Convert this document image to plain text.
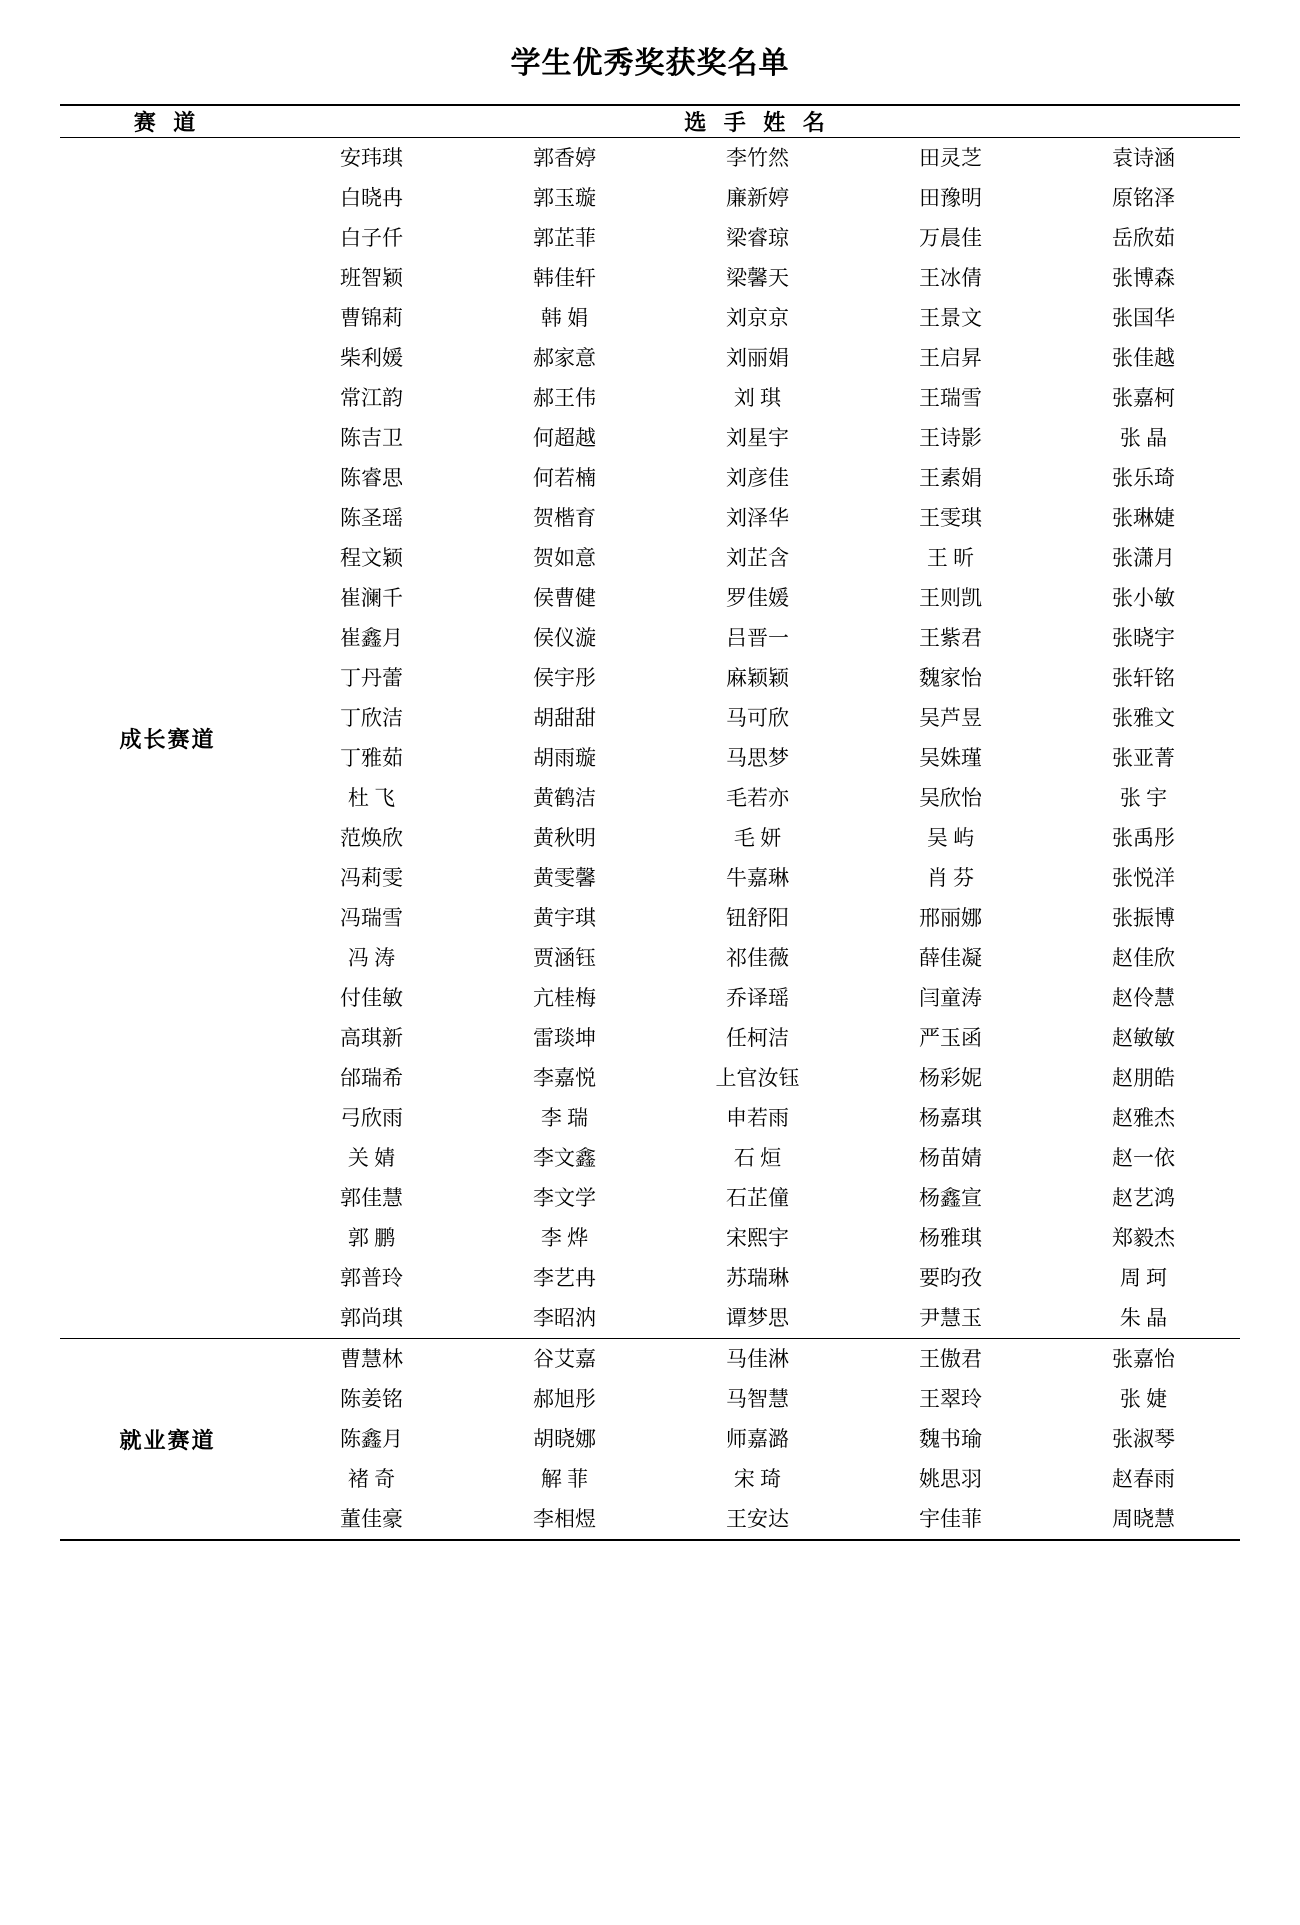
学生优秀奖获奖名单
赛 道	选 手 姓 名				
成长赛道	安玮琪	郭香婷	李竹然	田灵芝	袁诗涵
	白晓冉	郭玉璇	廉新婷	田豫明	原铭泽
	白子仟	郭芷菲	梁睿琼	万晨佳	岳欣茹
	班智颖	韩佳轩	梁馨天	王冰倩	张博森
	曹锦莉	韩 娟	刘京京	王景文	张国华
	柴利媛	郝家意	刘丽娟	王启昇	张佳越
	常江韵	郝王伟	刘 琪	王瑞雪	张嘉柯
	陈吉卫	何超越	刘星宇	王诗影	张 晶
	陈睿思	何若楠	刘彦佳	王素娟	张乐琦
	陈圣瑶	贺楷育	刘泽华	王雯琪	张琳婕
	程文颖	贺如意	刘芷含	王 昕	张潇月
	崔澜千	侯曹健	罗佳媛	王则凯	张小敏
	崔鑫月	侯仪漩	吕晋一	王紫君	张晓宇
	丁丹蕾	侯宇彤	麻颖颖	魏家怡	张轩铭
	丁欣洁	胡甜甜	马可欣	吴芦昱	张雅文
	丁雅茹	胡雨璇	马思梦	吴姝瑾	张亚菁
	杜 飞	黄鹤洁	毛若亦	吴欣怡	张 宇
	范焕欣	黄秋明	毛 妍	吴 屿	张禹彤
	冯莉雯	黄雯馨	牛嘉琳	肖 芬	张悦洋
	冯瑞雪	黄宇琪	钮舒阳	邢丽娜	张振博
	冯 涛	贾涵钰	祁佳薇	薛佳凝	赵佳欣
	付佳敏	亢桂梅	乔译瑶	闫童涛	赵伶慧
	高琪新	雷琰坤	任柯洁	严玉函	赵敏敏
	邰瑞希	李嘉悦	上官汝钰	杨彩妮	赵朋皓
	弓欣雨	李 瑞	申若雨	杨嘉琪	赵雅杰
	关 婧	李文鑫	石 烜	杨苗婧	赵一依
	郭佳慧	李文学	石芷僮	杨鑫宣	赵艺鸿
	郭 鹏	李 烨	宋熙宇	杨雅琪	郑毅杰
	郭普玲	李艺冉	苏瑞琳	要昀孜	周 珂
	郭尚琪	李昭汭	谭梦思	尹慧玉	朱 晶
就业赛道	曹慧林	谷艾嘉	马佳淋	王傲君	张嘉怡
	陈姜铭	郝旭彤	马智慧	王翠玲	张 婕
	陈鑫月	胡晓娜	师嘉潞	魏书瑜	张淑琴
	褚 奇	解 菲	宋 琦	姚思羽	赵春雨
	董佳豪	李相煜	王安达	宇佳菲	周晓慧
